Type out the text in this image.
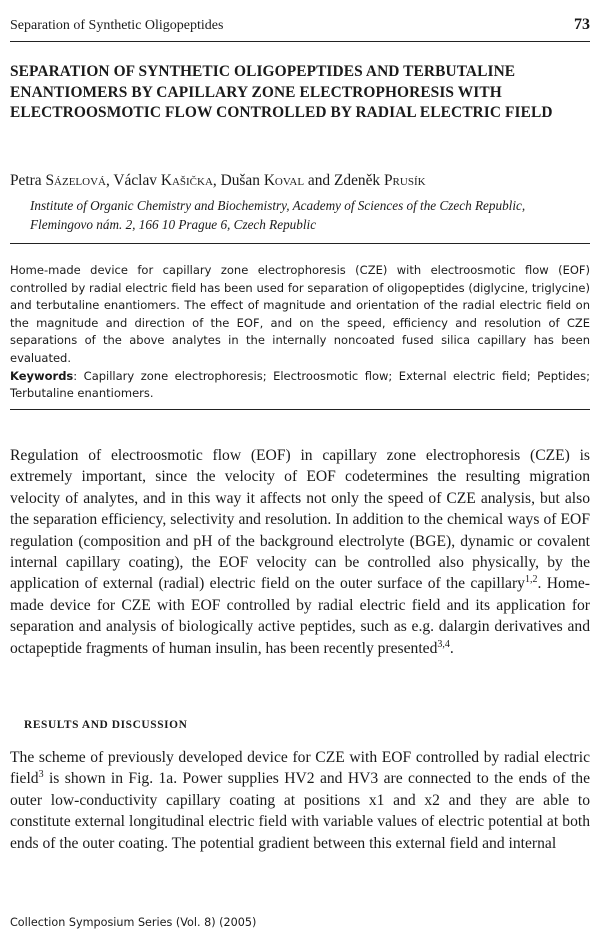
Separation of Synthetic Oligopeptides	73
SEPARATION OF SYNTHETIC OLIGOPEPTIDES AND TERBUTALINE ENANTIOMERS BY CAPILLARY ZONE ELECTROPHORESIS WITH ELECTROOSMOTIC FLOW CONTROLLED BY RADIAL ELECTRIC FIELD
Petra Sázelová, Václav Kašička, Dušan Koval and Zdeněk Prusík
Institute of Organic Chemistry and Biochemistry, Academy of Sciences of the Czech Republic,
Flemingovo nám. 2, 166 10 Prague 6, Czech Republic

Home-made device for capillary zone electrophoresis (CZE) with electroosmotic flow (EOF) controlled by radial electric field has been used for separation of oligopeptides (diglycine, triglycine) and terbutaline enantiomers. The effect of magnitude and orientation of the radial electric field on the magnitude and direction of the EOF, and on the speed, efficiency and resolution of CZE separations of the above analytes in the internally noncoated fused silica capillary has been evaluated.

Keywords: Capillary zone electrophoresis; Electroosmotic flow; External electric field; Peptides; Terbutaline enantiomers.

Regulation of electroosmotic flow (EOF) in capillary zone electrophoresis (CZE) is extremely important, since the velocity of EOF codetermines the resulting migration velocity of analytes, and in this way it affects not only the speed of CZE analysis, but also the separation efficiency, selectivity and resolution. In addition to the chemical ways of EOF regulation (composition and pH of the background electrolyte (BGE), dynamic or covalent internal capillary coating), the EOF velocity can be controlled also physically, by the application of external (radial) electric field on the outer surface of the capillary$^{1,2}$. Home-made device for CZE with EOF controlled by radial electric field and its application for separation and analysis of biologically active peptides, such as e.g. dalargin derivatives and octapeptide fragments of human insulin, has been recently presented$^{3,4}$.
RESULTS AND DISCUSSION
The scheme of previously developed device for CZE with EOF controlled by radial electric field$^3$ is shown in Fig. 1a. Power supplies HV2 and HV3 are connected to the ends of the outer low-conductivity capillary coating at positions x1 and x2 and they are able to constitute external longitudinal electric field with variable values of electric potential at both ends of the outer coating. The potential gradient between this external field and internal
Collection Symposium Series (Vol. 8) (2005)
